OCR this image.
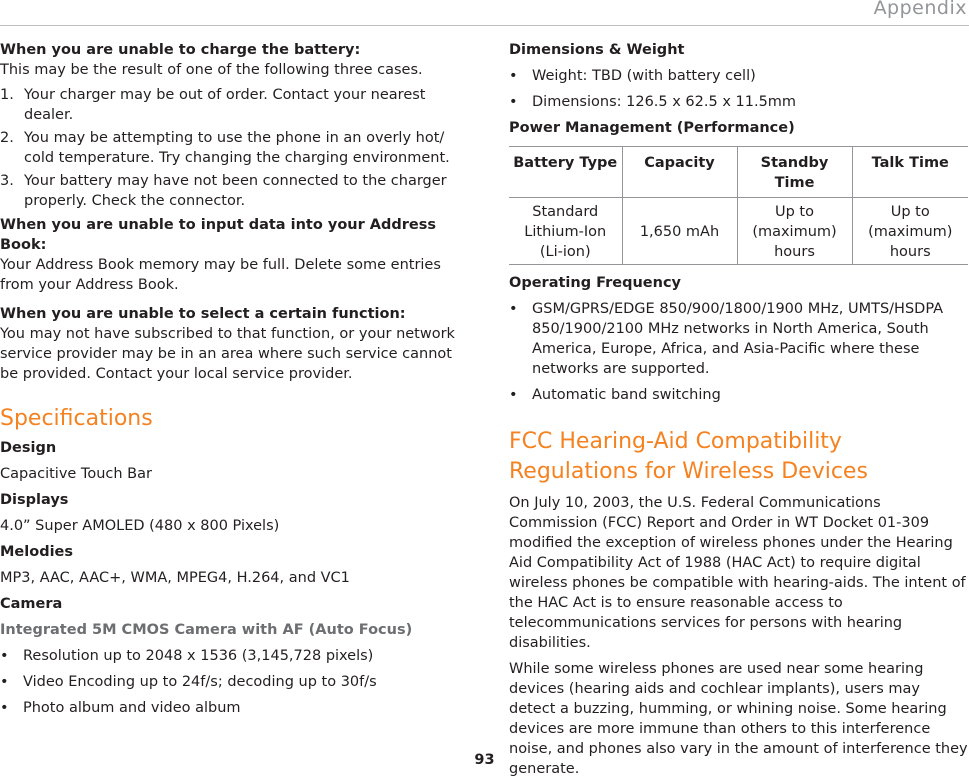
Appendix
When you are unable to charge the battery:
This may be the result of one of the following three cases.
1. Your charger may be out of order. Contact your nearest dealer.
2. You may be attempting to use the phone in an overly hot/ cold temperature. Try changing the charging environment.
3. Your battery may have not been connected to the charger properly. Check the connector.
When you are unable to input data into your Address Book:
Your Address Book memory may be full. Delete some entries from your Address Book.
When you are unable to select a certain function:
You may not have subscribed to that function, or your network service provider may be in an area where such service cannot be provided. Contact your local service provider.
Specifications
Design
Capacitive Touch Bar
Displays
4.0” Super AMOLED (480 x 800 Pixels)
Melodies
MP3, AAC, AAC+, WMA, MPEG4, H.264, and VC1
Camera
Integrated 5M CMOS Camera with AF (Auto Focus)
• Resolution up to 2048 x 1536 (3,145,728 pixels)
• Video Encoding up to 24f/s; decoding up to 30f/s
• Photo album and video album
Dimensions & Weight
• Weight: TBD (with battery cell)
• Dimensions: 126.5 x 62.5 x 11.5mm
Power Management (Performance)
Battery Type	Capacity	Standby Time	Talk Time
Standard Lithium-Ion (Li-ion)	1,650 mAh	Up to (maximum) hours	Up to (maximum) hours
Operating Frequency
• GSM/GPRS/EDGE 850/900/1800/1900 MHz, UMTS/HSDPA 850/1900/2100 MHz networks in North America, South America, Europe, Africa, and Asia-Pacific where these networks are supported.
• Automatic band switching
FCC Hearing-Aid Compatibility
Regulations for Wireless Devices
On July 10, 2003, the U.S. Federal Communications Commission (FCC) Report and Order in WT Docket 01-309 modified the exception of wireless phones under the Hearing Aid Compatibility Act of 1988 (HAC Act) to require digital wireless phones be compatible with hearing-aids. The intent of the HAC Act is to ensure reasonable access to telecommunications services for persons with hearing disabilities.
While some wireless phones are used near some hearing devices (hearing aids and cochlear implants), users may detect a buzzing, humming, or whining noise. Some hearing devices are more immune than others to this interference noise, and phones also vary in the amount of interference they generate.
93
